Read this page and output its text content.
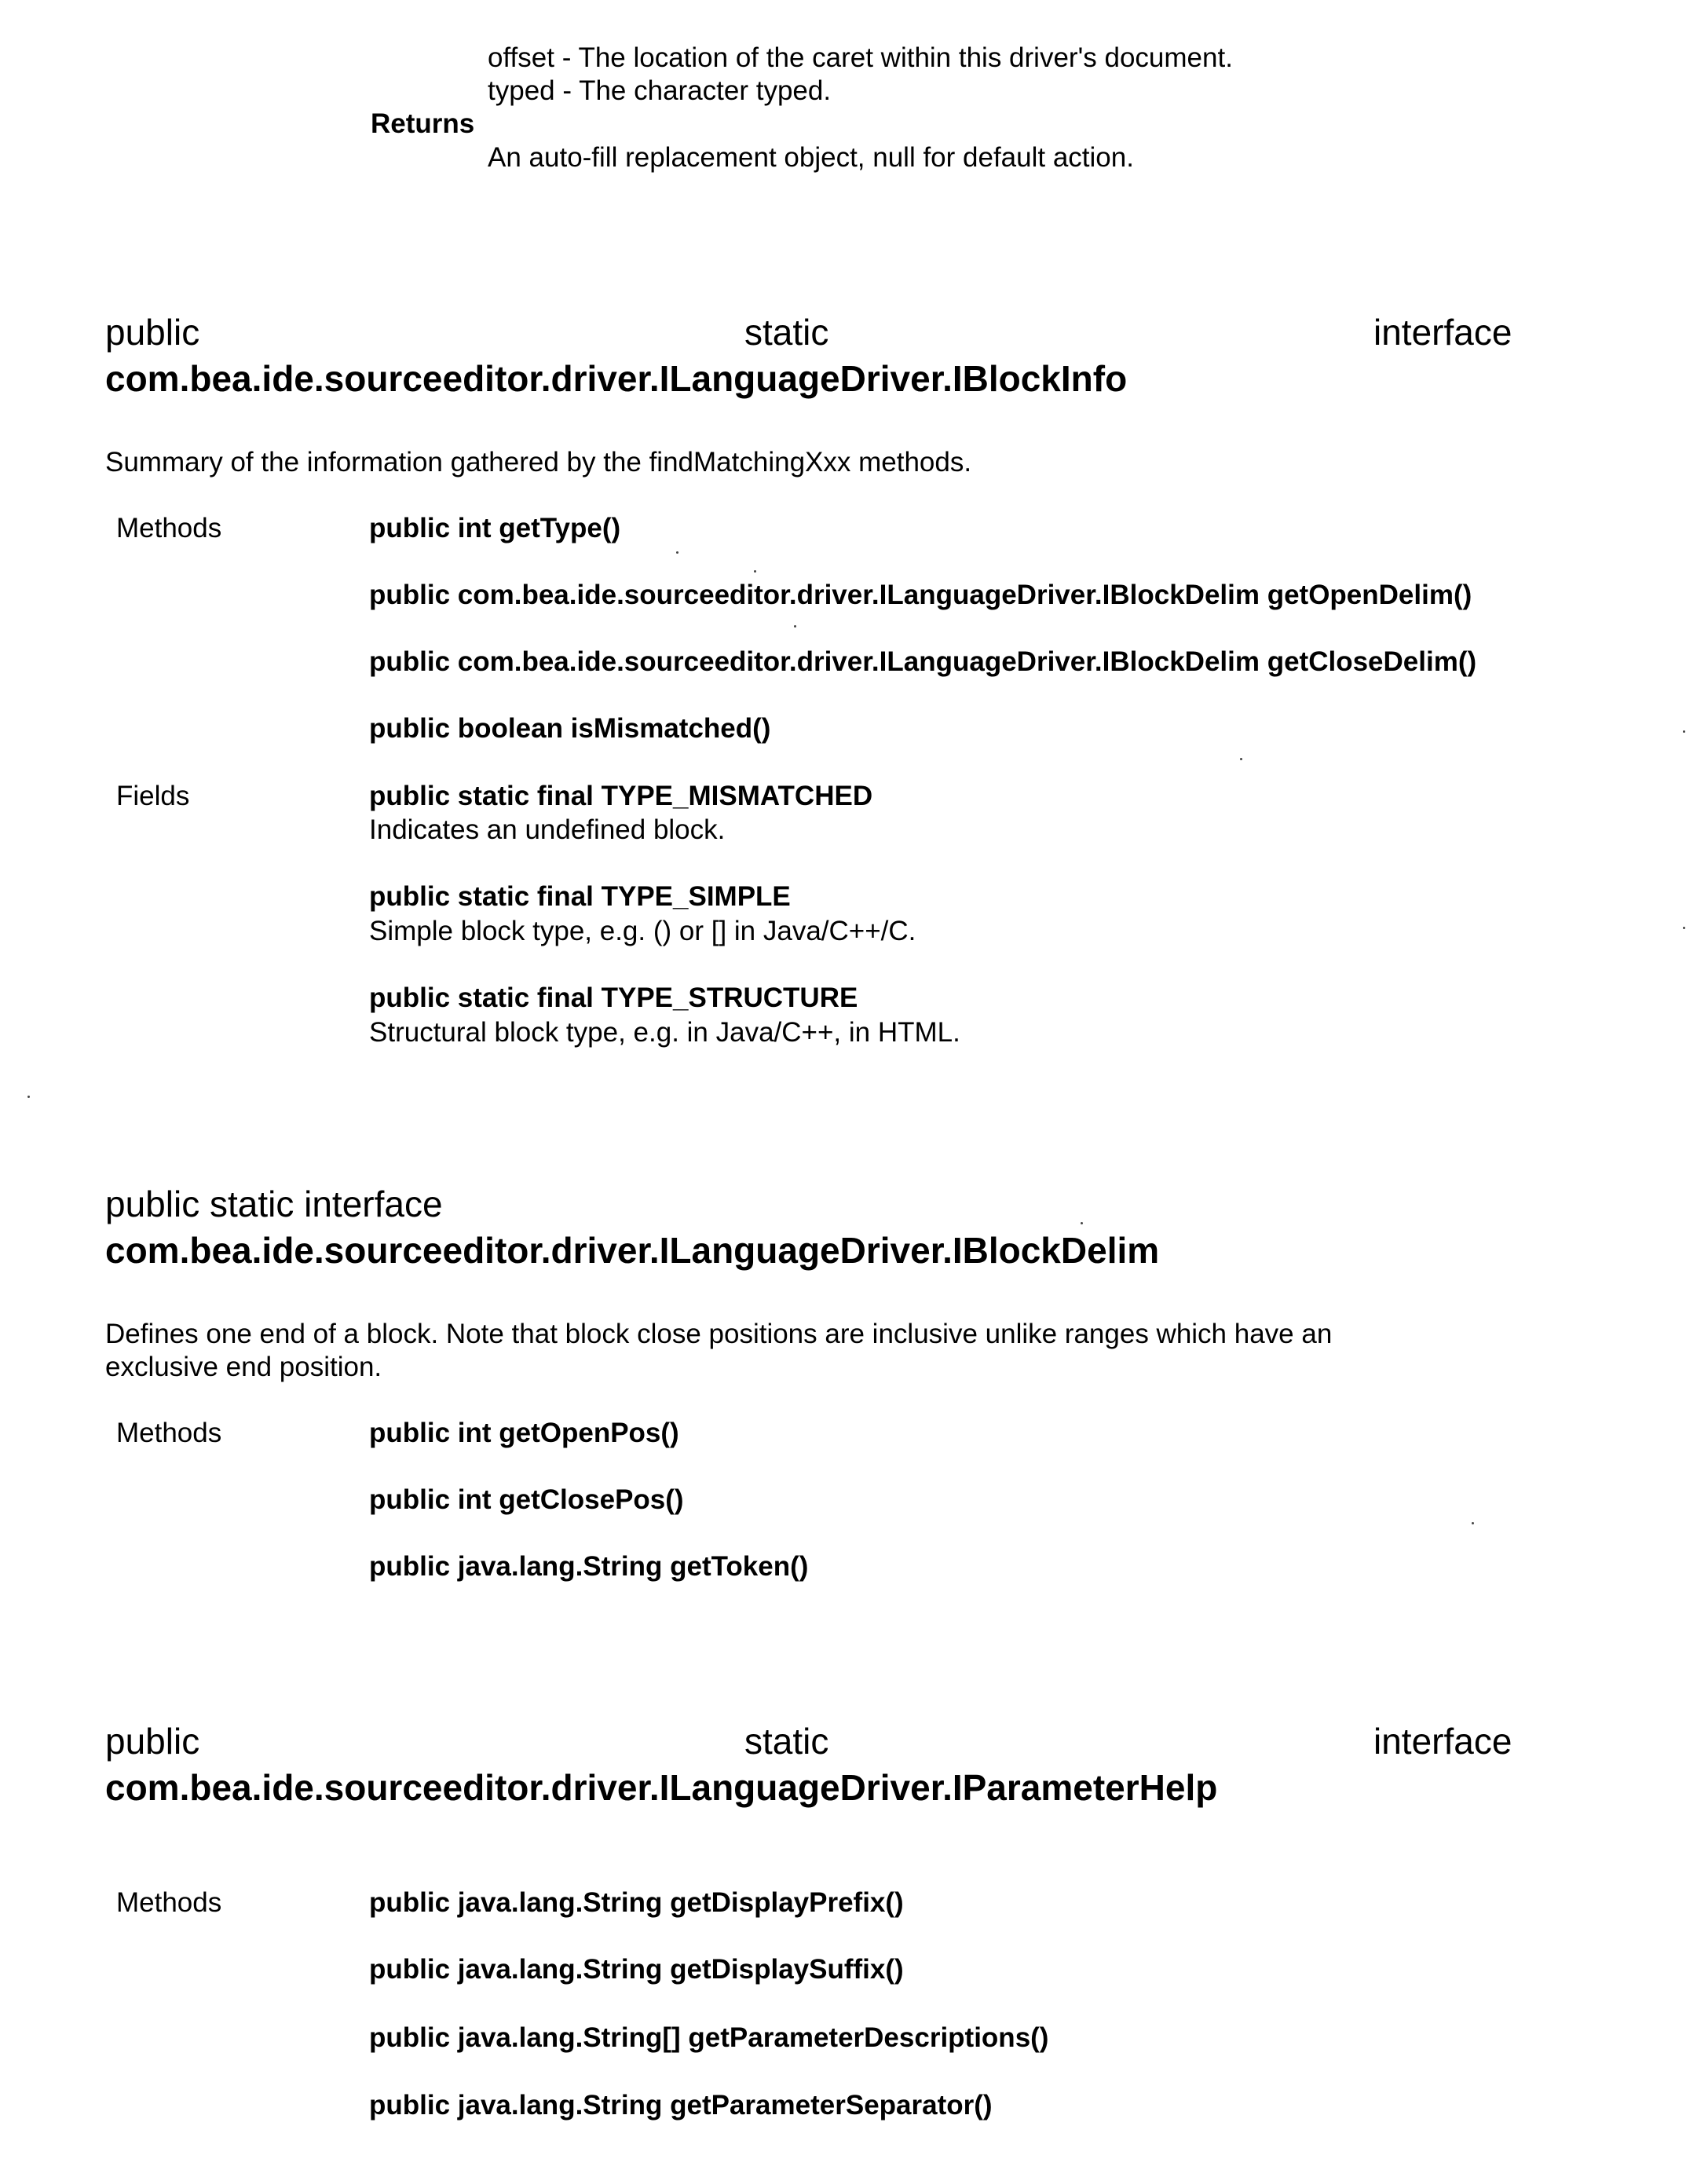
offset - The location of the caret within this driver's document.
typed - The character typed.
Returns
An auto-fill replacement object, null for default action.
public	static	interface
com.bea.ide.sourceeditor.driver.ILanguageDriver.IBlockInfo
Summary of the information gathered by the findMatchingXxx methods.
Methods	public int getType()
public com.bea.ide.sourceeditor.driver.ILanguageDriver.IBlockDelim getOpenDelim()
public com.bea.ide.sourceeditor.driver.ILanguageDriver.IBlockDelim getCloseDelim()
public boolean isMismatched()
Fields	public static final TYPE_MISMATCHED
Indicates an undefined block.
public static final TYPE_SIMPLE
Simple block type, e.g. () or [] in Java/C++/C.
public static final TYPE_STRUCTURE
Structural block type, e.g. in Java/C++, in HTML.
public static interface
com.bea.ide.sourceeditor.driver.ILanguageDriver.IBlockDelim
Defines one end of a block. Note that block close positions are inclusive unlike ranges which have an
exclusive end position.
Methods	public int getOpenPos()
public int getClosePos()
public java.lang.String getToken()
public	static	interface
com.bea.ide.sourceeditor.driver.ILanguageDriver.IParameterHelp
Methods	public java.lang.String getDisplayPrefix()
public java.lang.String getDisplaySuffix()
public java.lang.String[] getParameterDescriptions()
public java.lang.String getParameterSeparator()
